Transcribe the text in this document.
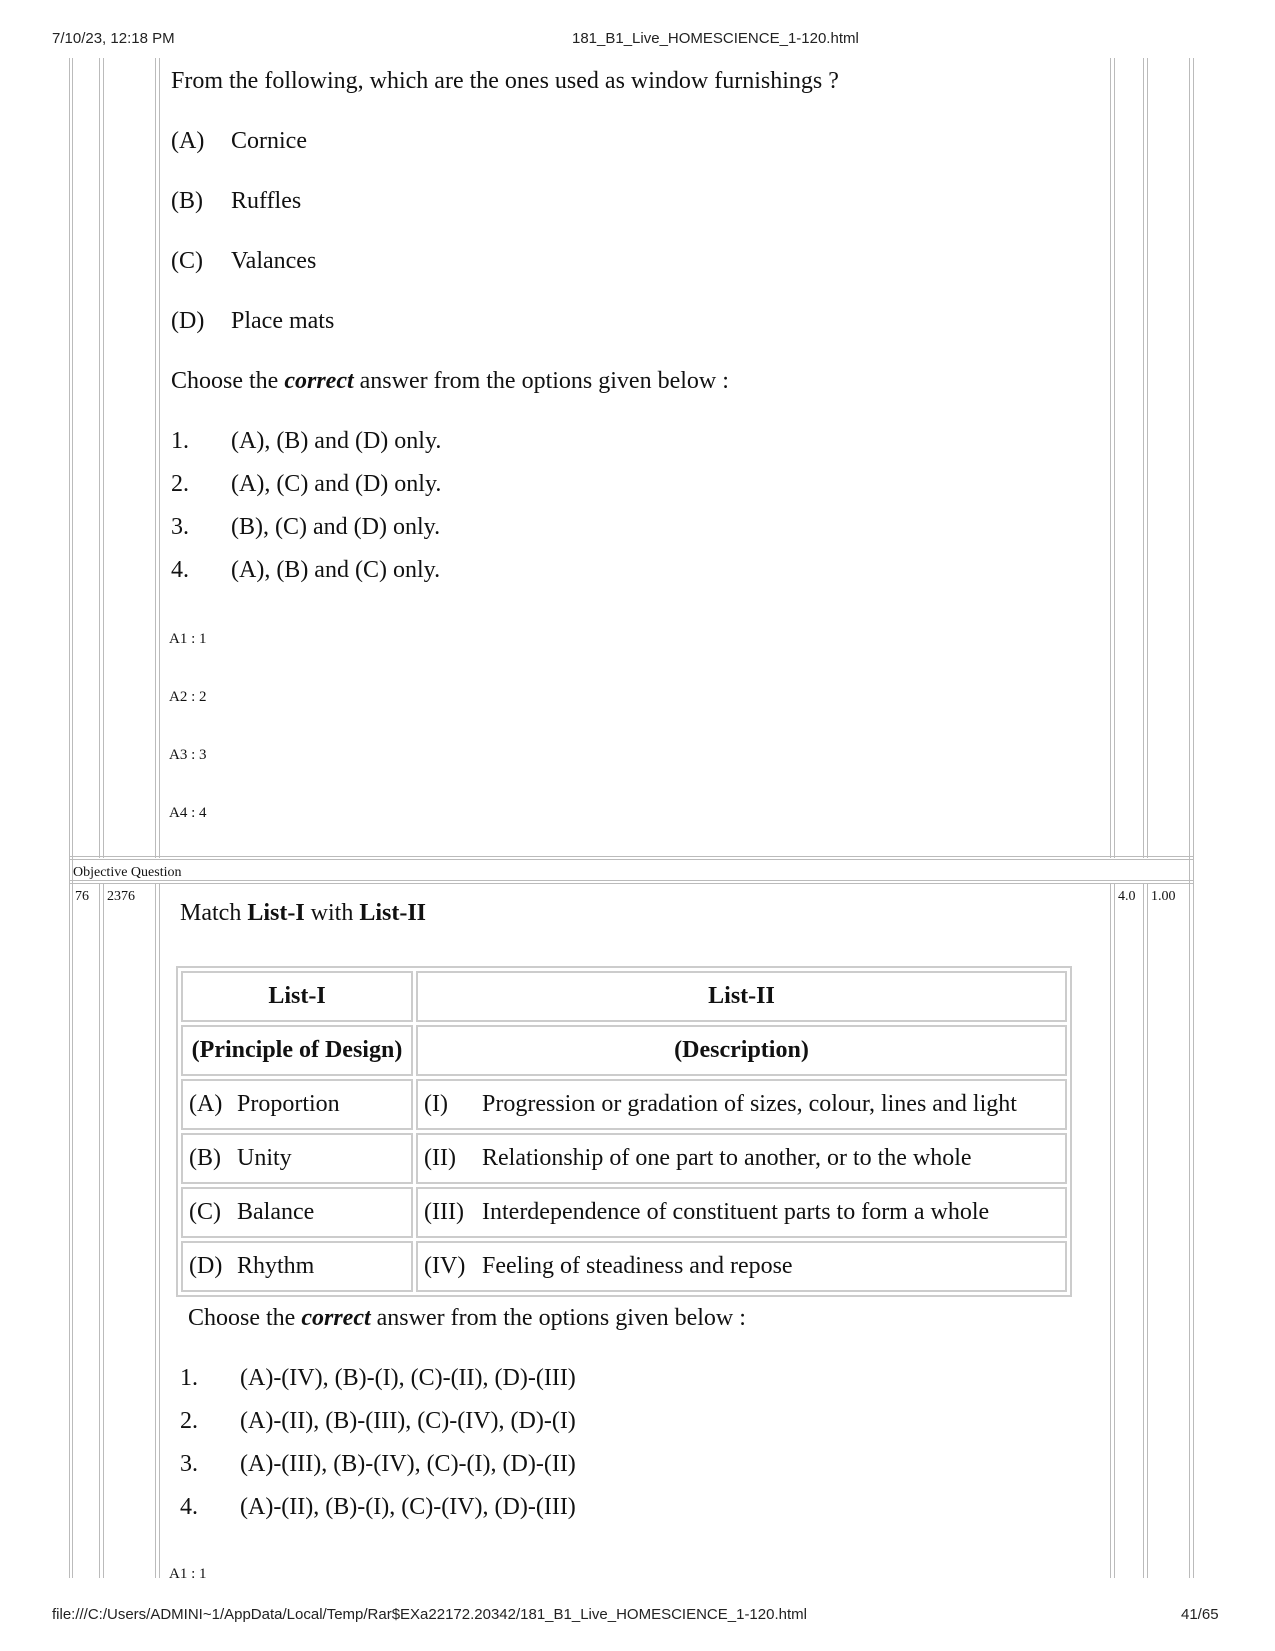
7/10/23, 12:18 PM	181_B1_Live_HOMESCIENCE_1-120.html
file:///C:/Users/ADMINI~1/AppData/Local/Temp/Rar$EXa22172.20342/181_B1_Live_HOMESCIENCE_1-120.html	41/65
From the following, which are the ones used as window furnishings ?
(A) Cornice
(B) Ruffles
(C) Valances
(D) Place mats
Choose the correct answer from the options given below :
1. (A), (B) and (D) only.
2. (A), (C) and (D) only.
3. (B), (C) and (D) only.
4. (A), (B) and (C) only.
A1 : 1
A2 : 2
A3 : 3
A4 : 4
Objective Question
76 2376	4.0 1.00
Match List-I with List-II
List-I	List-II
(Principle of Design)	(Description)
(A) Proportion	(I) Progression or gradation of sizes, colour, lines and light
(B) Unity	(II) Relationship of one part to another, or to the whole
(C) Balance	(III) Interdependence of constituent parts to form a whole
(D) Rhythm	(IV) Feeling of steadiness and repose
Choose the correct answer from the options given below :
1. (A)-(IV), (B)-(I), (C)-(II), (D)-(III)
2. (A)-(II), (B)-(III), (C)-(IV), (D)-(I)
3. (A)-(III), (B)-(IV), (C)-(I), (D)-(II)
4. (A)-(II), (B)-(I), (C)-(IV), (D)-(III)
A1 : 1
